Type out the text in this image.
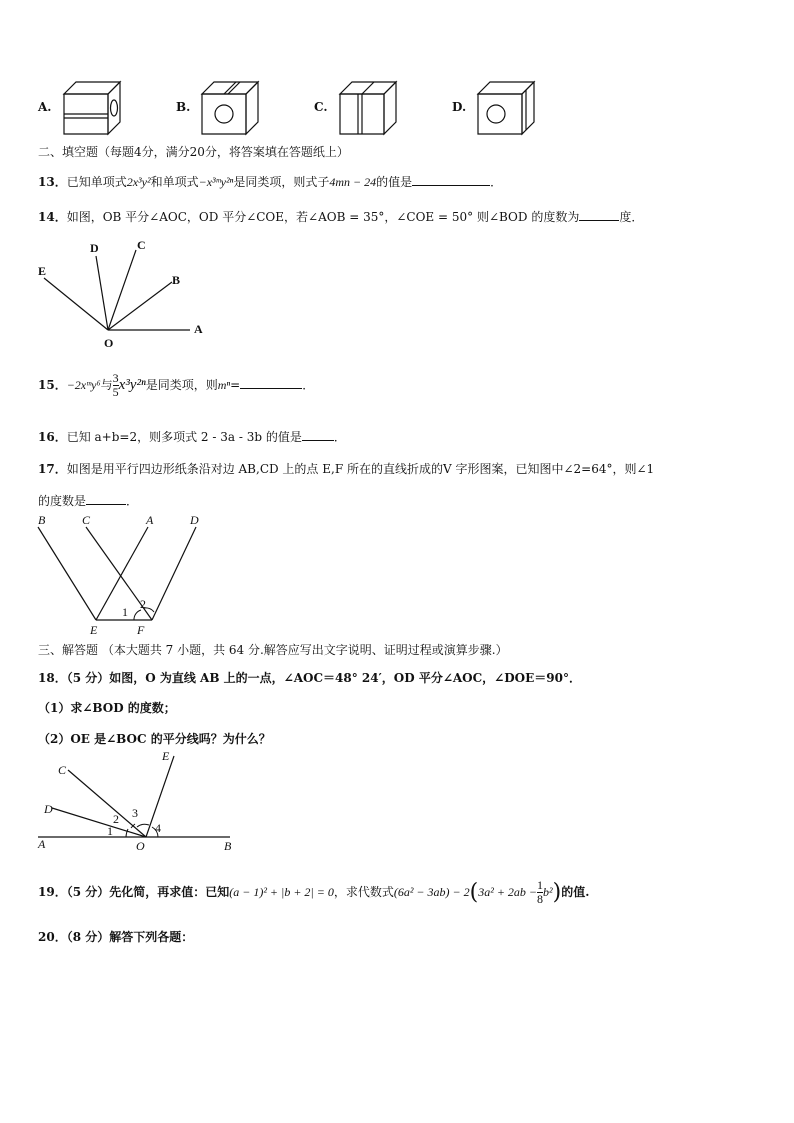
A.	B.	C.	D.
二、填空题（每题4分，满分20分，将答案填在答题纸上）
13．已知单项式2x³y²和单项式−x³ᵐy²ⁿ是同类项，则式子4mn − 24的值是	．
14．如图，OB 平分∠AOC，OD 平分∠COE，若∠AOB = 35°，∠COE = 50° 则∠BOD 的度数为	度．
D	C
E
B
A
O
15．−2xᵐy⁶与 $\frac{3}{5} x^3y^{2n}$是同类项，则mⁿ=	．
16．已知 a+b=2，则多项式 2 - 3a - 3b 的值是	．
17．如图是用平行四边形纸条沿对边 AB,CD 上的点 E,F 所在的直线折成的V 字形图案，已知图中∠2=64°，则∠1
的度数是	．
B	C	A	D
E	F
1
2
三、解答题 （本大题共 7 小题，共 64 分.解答应写出文字说明、证明过程或演算步骤.）
18．（5 分）如图，O 为直线 AB 上的一点，∠AOC＝48° 24′，OD 平分∠AOC，∠DOE＝90°．
（1）求∠BOD 的度数；
（2）OE 是∠BOC 的平分线吗？为什么？
C
E
D
A	O	B
1
2 3
4
19．（5 分）先化简，再求值：已知(a − 1)² + |b + 2| = 0，求代数式$(6a^2 - 3ab) - 2(3a^2 + 2ab - \frac{1}{8} b^2)$的值.
20．（8 分）解答下列各题：
